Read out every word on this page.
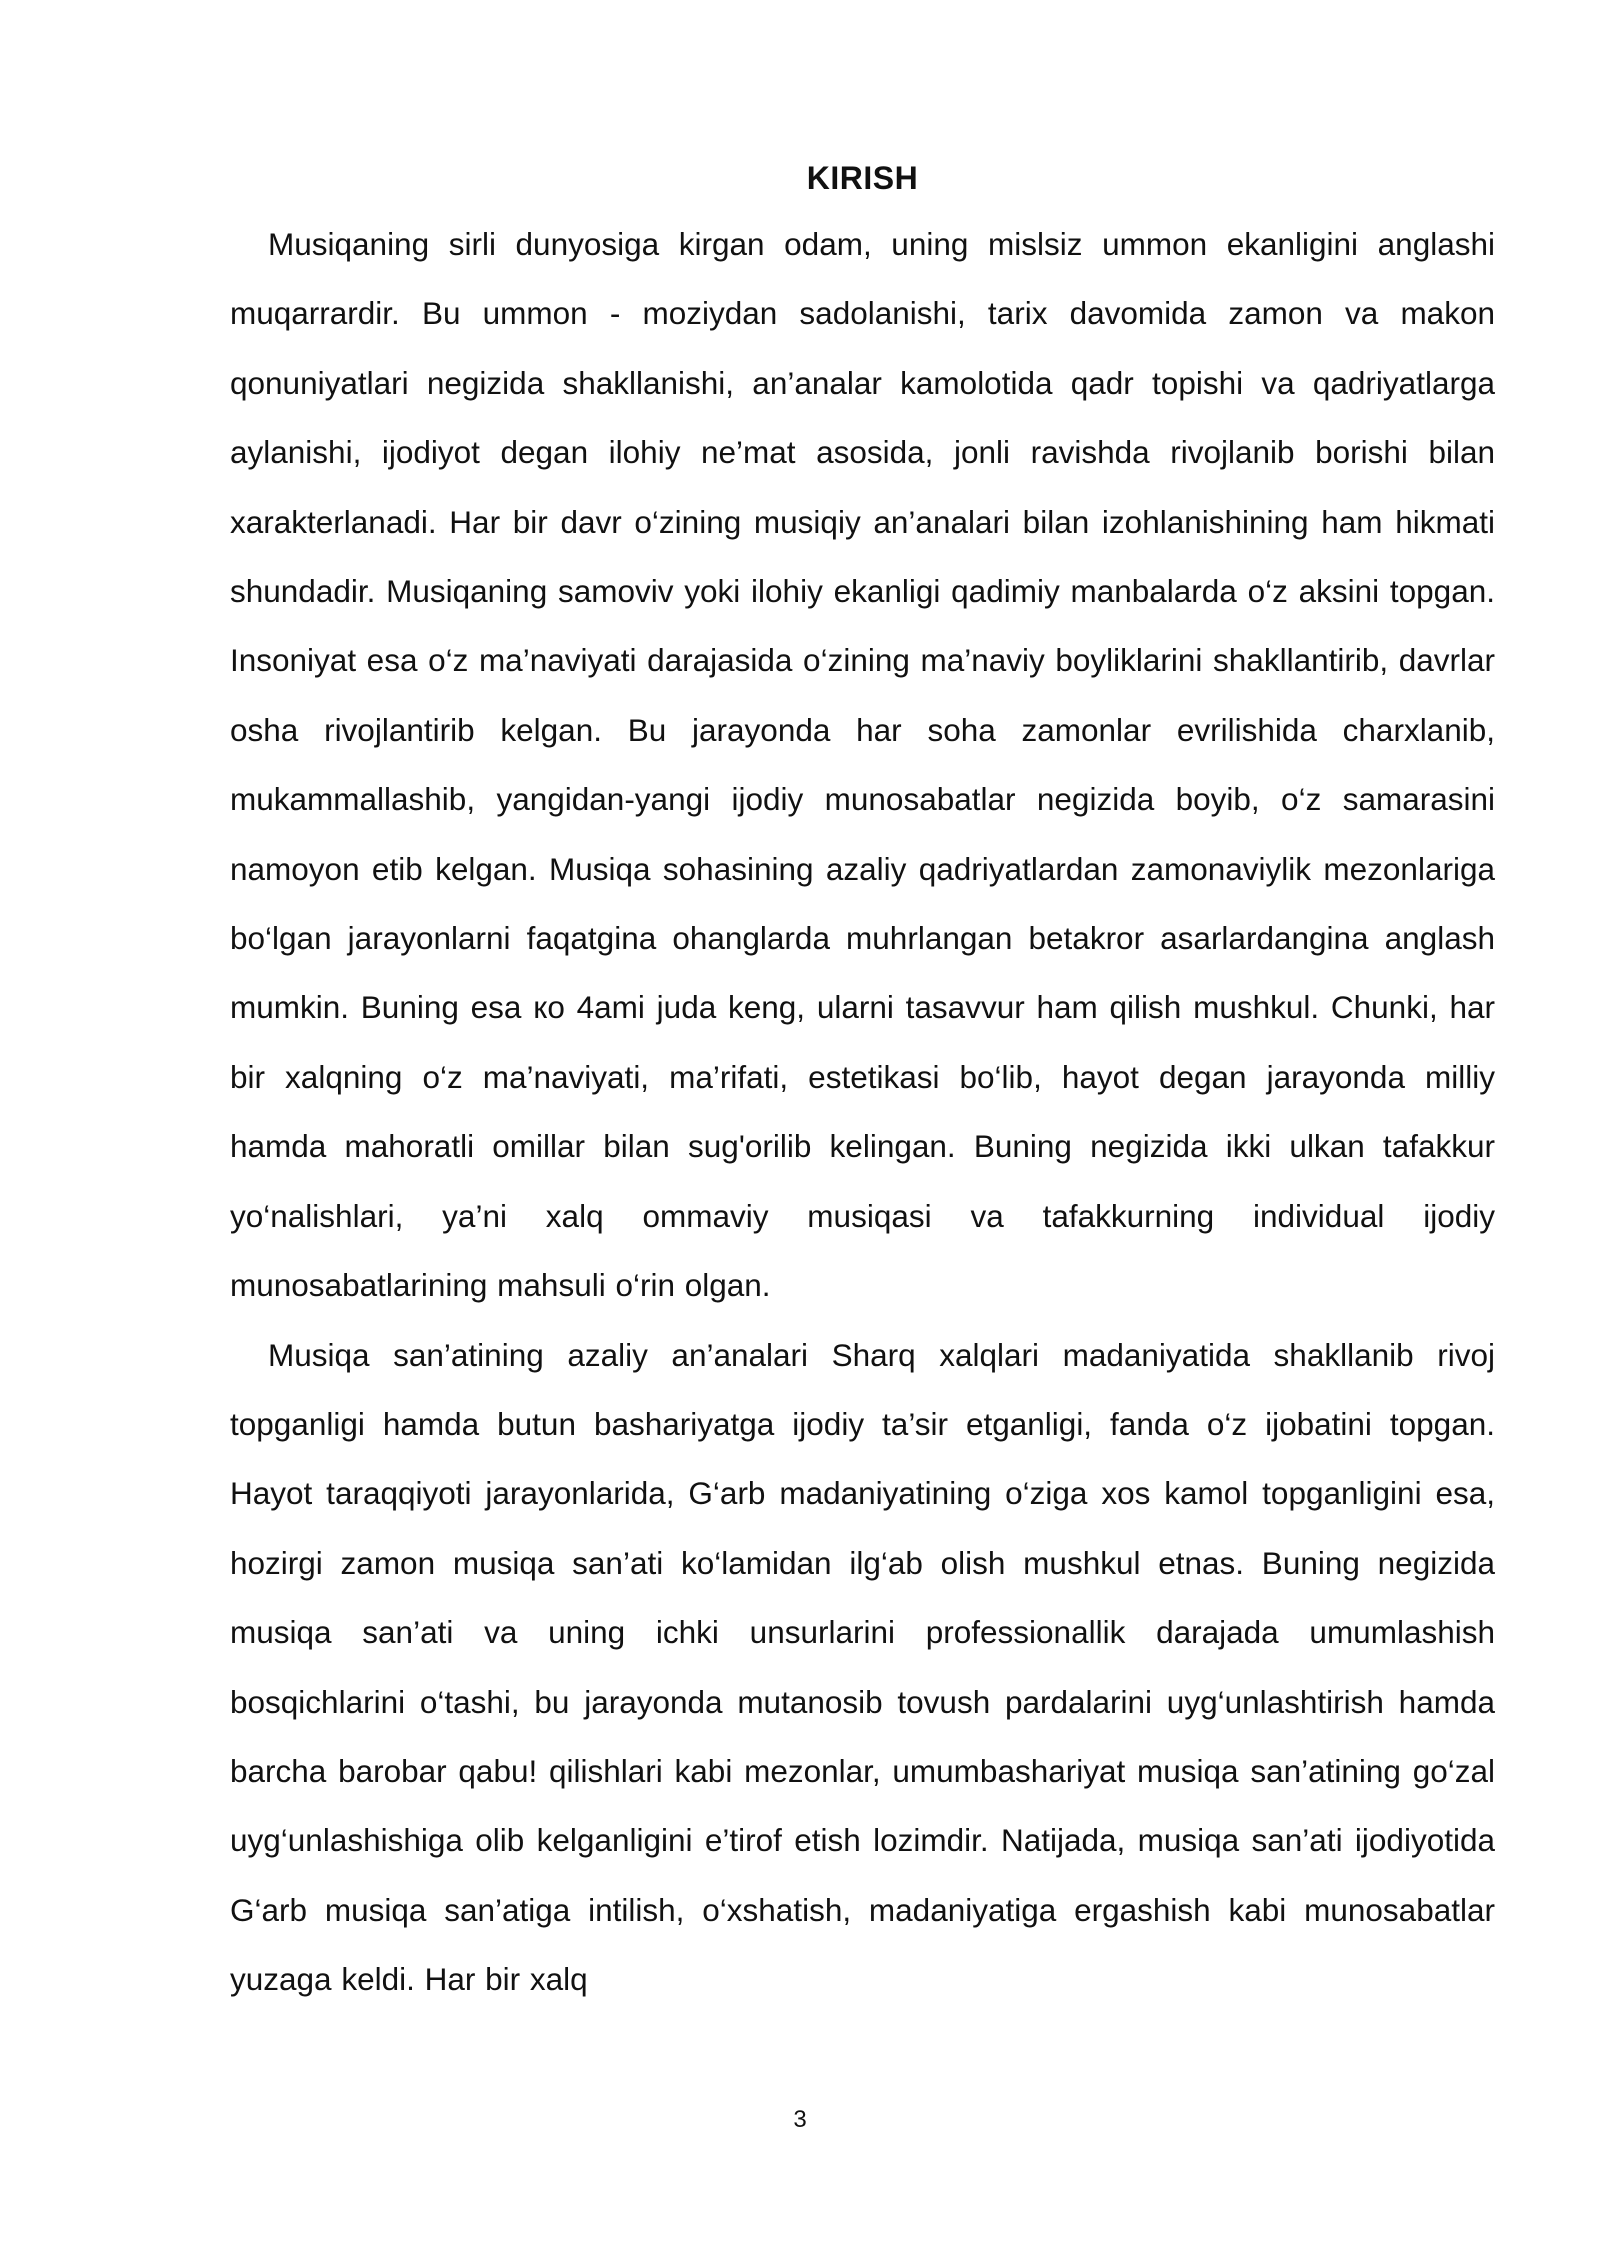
KIRISH

Musiqaning sirli dunyosiga kirgan odam, uning mislsiz ummon ekanligini anglashi muqarrardir. Bu ummon - moziydan sadolanishi, tarix davomida zamon va makon qonuniyatlari negizida shakllanishi, an’analar kamolotida qadr topishi va qadriyatlarga aylanishi, ijodiyot degan ilohiy ne’mat asosida, jonli ravishda rivojlanib borishi bilan xarakterlanadi. Har bir davr o‘zining musiqiy an’analari bilan izohlanishining ham hikmati shundadir. Musiqaning samoviv yoki ilohiy ekanligi qadimiy manbalarda o‘z aksini topgan. Insoniyat esa o‘z ma’naviyati darajasida o‘zining ma’naviy boyliklarini shakllantirib, davrlar osha rivojlantirib kelgan. Bu jarayonda har soha zamonlar evrilishida charxlanib, mukammallashib, yangidan-yangi ijodiy munosabatlar negizida boyib, o‘z samarasini namoyon etib kelgan. Musiqa sohasining azaliy qadriyatlardan zamonaviylik mezonlariga bo‘lgan jarayonlarni faqatgina ohanglarda muhrlangan betakror asarlardangina anglash mumkin. Buning esa ко 4ami juda keng, ularni tasavvur ham qilish mushkul. Chunki, har bir xalqning o‘z ma’naviyati, ma’rifati, estetikasi bo‘lib, hayot degan jarayonda milliy hamda mahoratli omillar bilan sug'orilib kelingan. Buning negizida ikki ulkan tafakkur yo‘nalishlari, ya’ni xalq ommaviy musiqasi va tafakkurning individual ijodiy munosabatlarining mahsuli o‘rin olgan.

Musiqa san’atining azaliy an’analari Sharq xalqlari madaniyatida shakllanib rivoj topganligi hamda butun bashariyatga ijodiy ta’sir etganligi, fanda o‘z ijobatini topgan. Hayot taraqqiyoti jarayonlarida, G‘arb madaniyatining o‘ziga xos kamol topganligini esa, hozirgi zamon musiqa san’ati ko‘lamidan ilg‘ab olish mushkul etnas. Buning negizida musiqa san’ati va uning ichki unsurlarini professionallik darajada umumlashish bosqichlarini o‘tashi, bu jarayonda mutanosib tovush pardalarini uyg‘unlashtirish hamda barcha barobar qabu! qilishlari kabi mezonlar, umumbashariyat musiqa san’atining go‘zal uyg‘unlashishiga olib kelganligini e’tirof etish lozimdir. Natijada, musiqa san’ati ijodiyotida G‘arb musiqa san’atiga intilish, o‘xshatish, madaniyatiga ergashish kabi munosabatlar yuzaga keldi. Har bir xalq

3
